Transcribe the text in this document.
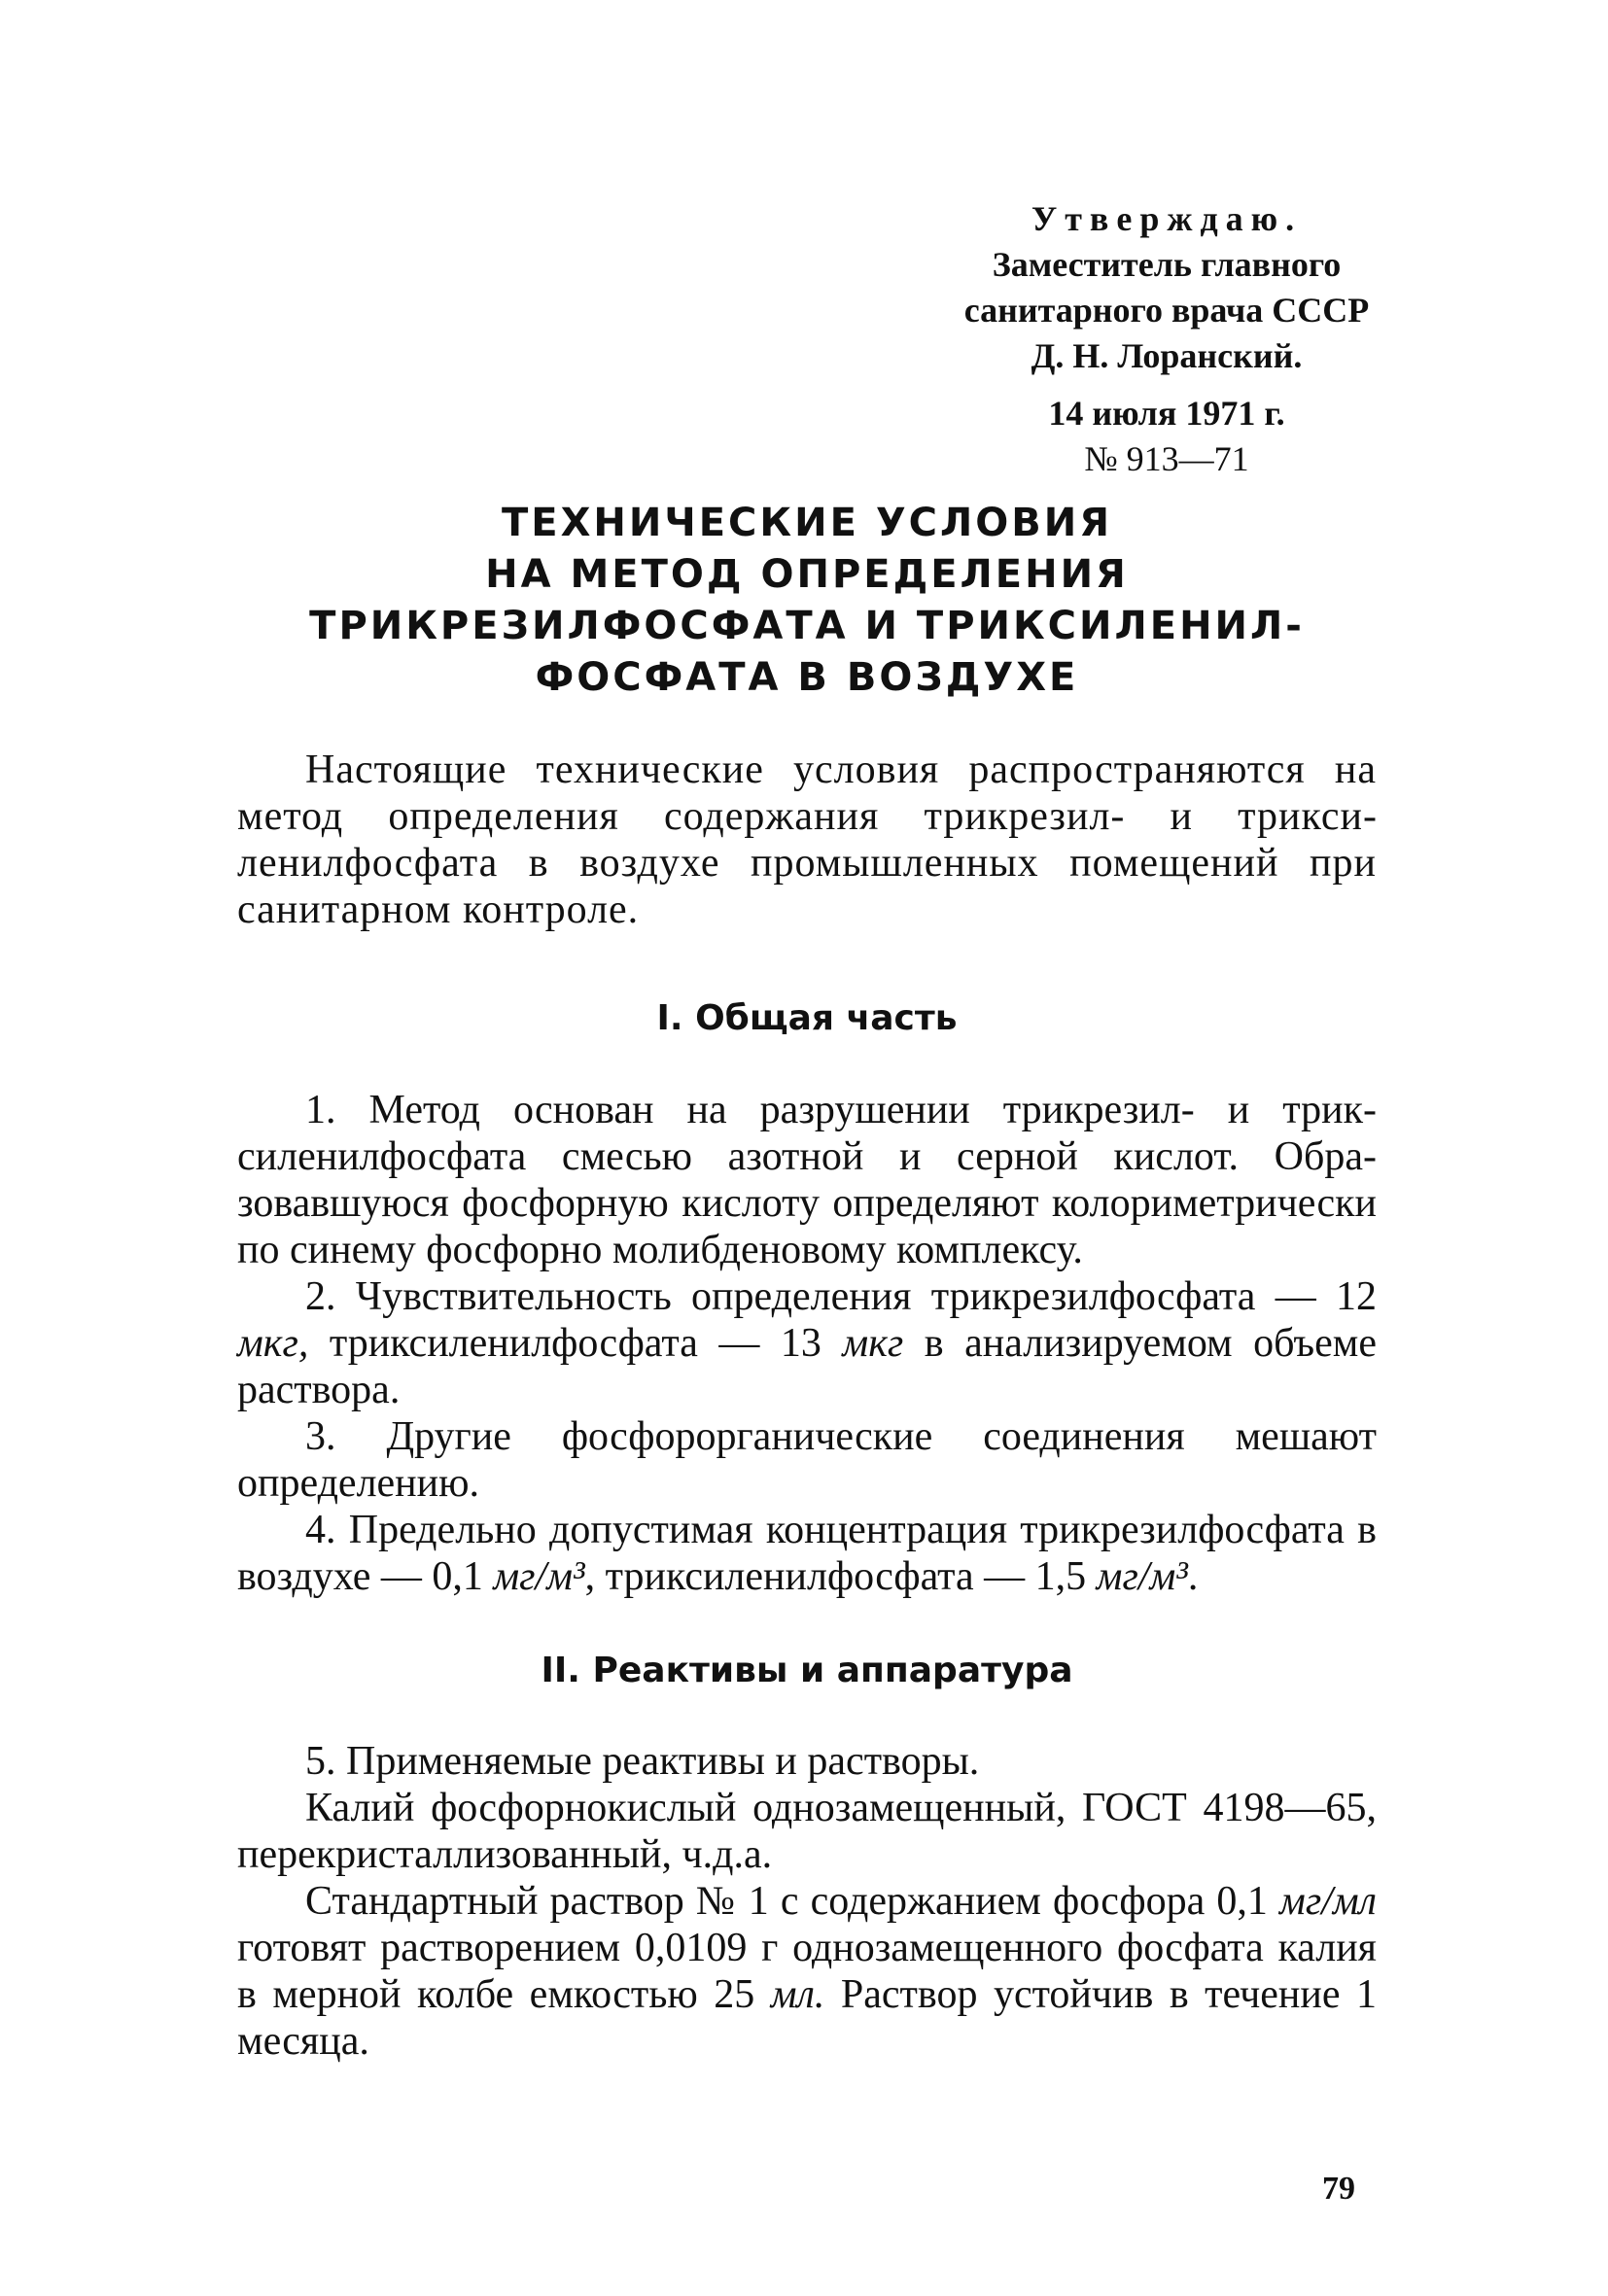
Утверждаю.
Заместитель главного
санитарного врача СССР
Д. Н. Лоранский.
14 июля 1971 г.
№ 913—71
ТЕХНИЧЕСКИЕ УСЛОВИЯ
НА МЕТОД ОПРЕДЕЛЕНИЯ
ТРИКРЕЗИЛФОСФАТА И ТРИКСИЛЕНИЛ-
ФОСФАТА В ВОЗДУХЕ

Настоящие технические условия распространяются на метод определения содержания трикрезил- и триксиленилфосфата в воздухе промышленных помещений при санитарном контроле.

I. Общая часть

1. Метод основан на разрушении трикрезил- и триксиленилфосфата смесью азотной и серной кислот. Образовавшуюся фосфорную кислоту определяют колориметрически по синему фосфорно молибденовому комплексу.

2. Чувствительность определения трикрезилфосфата — 12 мкг, триксиленилфосфата — 13 мкг в анализируемом объеме раствора.

3. Другие фосфорорганические соединения мешают определению.

4. Предельно допустимая концентрация трикрезилфосфата в воздухе — 0,1 мг/м³, триксиленилфосфата — 1,5 мг/м³.

II. Реактивы и аппаратура

5. Применяемые реактивы и растворы.

Калий фосфорнокислый однозамещенный, ГОСТ 4198—65, перекристаллизованный, ч.д.а.

Стандартный раствор № 1 с содержанием фосфора 0,1 мг/мл готовят растворением 0,0109 г однозамещенного фосфата калия в мерной колбе емкостью 25 мл. Раствор устойчив в течение 1 месяца.

79
